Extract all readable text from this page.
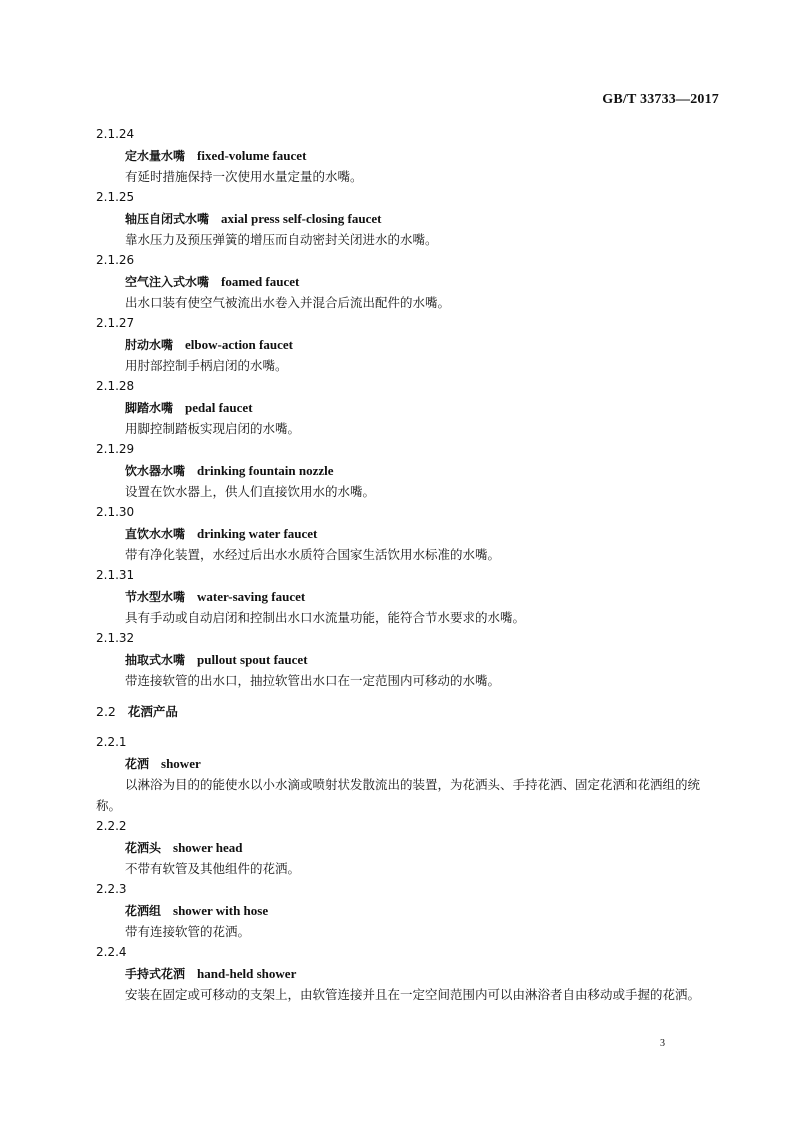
GB/T 33733—2017
2.1.24
定水量水嘴 fixed-volume faucet
有延时措施保持一次使用水量定量的水嘴。
2.1.25
轴压自闭式水嘴 axial press self-closing faucet
靠水压力及预压弹簧的增压而自动密封关闭进水的水嘴。
2.1.26
空气注入式水嘴 foamed faucet
出水口装有使空气被流出水卷入并混合后流出配件的水嘴。
2.1.27
肘动水嘴 elbow-action faucet
用肘部控制手柄启闭的水嘴。
2.1.28
脚踏水嘴 pedal faucet
用脚控制踏板实现启闭的水嘴。
2.1.29
饮水器水嘴 drinking fountain nozzle
设置在饮水器上，供人们直接饮用水的水嘴。
2.1.30
直饮水水嘴 drinking water faucet
带有净化装置，水经过后出水水质符合国家生活饮用水标准的水嘴。
2.1.31
节水型水嘴 water-saving faucet
具有手动或自动启闭和控制出水口水流量功能，能符合节水要求的水嘴。
2.1.32
抽取式水嘴 pullout spout faucet
带连接软管的出水口，抽拉软管出水口在一定范围内可移动的水嘴。
2.2 花洒产品
2.2.1
花洒 shower
以淋浴为目的的能使水以小水滴或喷射状发散流出的装置，为花洒头、手持花洒、固定花洒和花洒组的统称。
2.2.2
花洒头 shower head
不带有软管及其他组件的花洒。
2.2.3
花洒组 shower with hose
带有连接软管的花洒。
2.2.4
手持式花洒 hand-held shower
安装在固定或可移动的支架上，由软管连接并且在一定空间范围内可以由淋浴者自由移动或手握的花洒。
3
